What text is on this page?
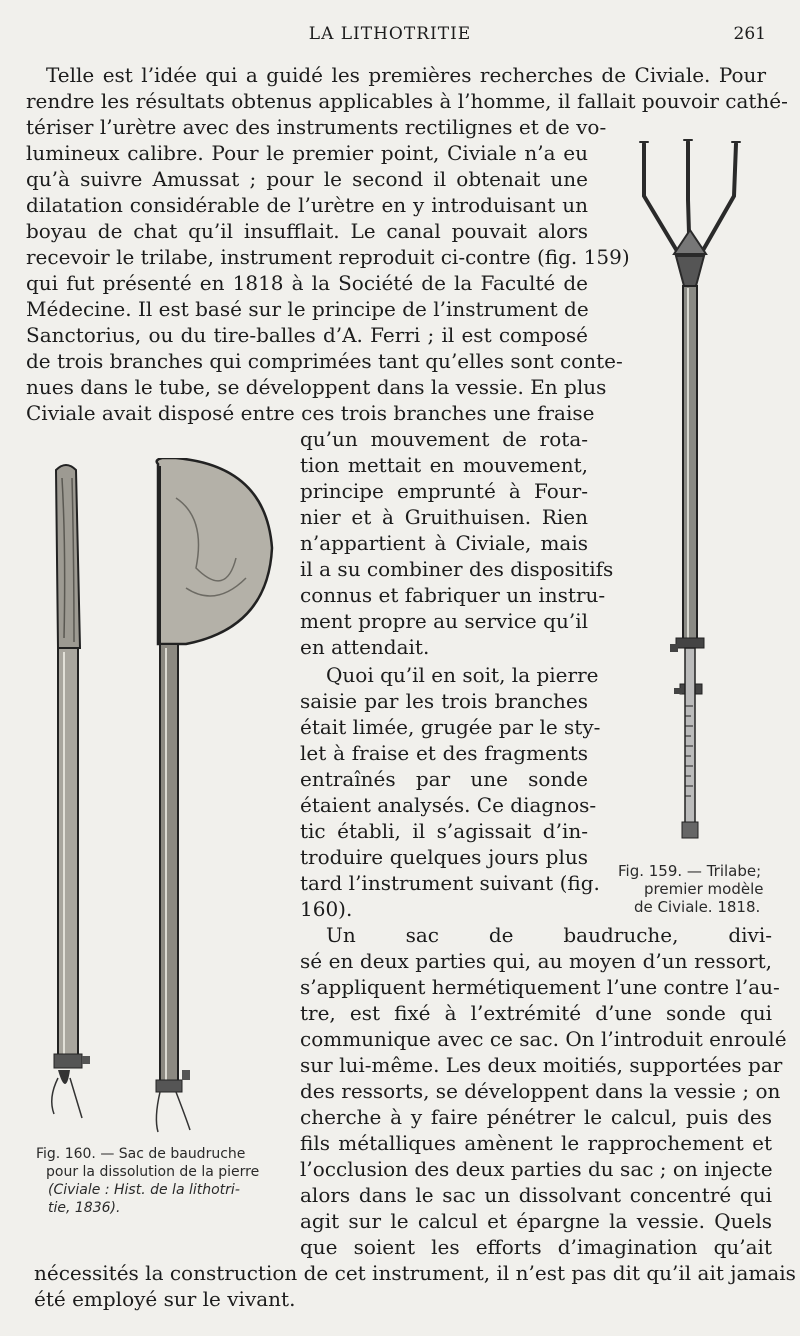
LA LITHOTRITIE	261
Telle est l’idée qui a guidé les premières recherches de Civiale. Pour
rendre les résultats obtenus applicables à l’homme, il fallait pouvoir cathé-
tériser l’urètre avec des instruments rectilignes et de vo-
lumineux calibre. Pour le premier point, Civiale n’a eu
qu’à suivre Amussat ; pour le second il obtenait une
dilatation considérable de l’urètre en y introduisant un
boyau de chat qu’il insufflait. Le canal pouvait alors
recevoir le trilabe, instrument reproduit ci-contre (fig. 159)
qui fut présenté en 1818 à la Société de la Faculté de
Médecine. Il est basé sur le principe de l’instrument de
Sanctorius, ou du tire-balles d’A. Ferri ; il est composé
de trois branches qui comprimées tant qu’elles sont conte-
nues dans le tube, se développent dans la vessie. En plus
Civiale avait disposé entre ces trois branches une fraise
qu’un mouvement de rota-
tion mettait en mouvement,
principe emprunté à Four-
nier et à Gruithuisen. Rien
n’appartient à Civiale, mais
il a su combiner des dispositifs
connus et fabriquer un instru-
ment propre au service qu’il
en attendait.
Quoi qu’il en soit, la pierre
saisie par les trois branches
était limée, grugée par le sty-
let à fraise et des fragments
entraînés par une sonde
étaient analysés. Ce diagnos-
tic établi, il s’agissait d’in-
troduire quelques jours plus
tard l’instrument suivant (fig.
160).
Un sac de baudruche, divi-
sé en deux parties qui, au moyen d’un ressort,
s’appliquent hermétiquement l’une contre l’au-
tre, est fixé à l’extrémité d’une sonde qui
communique avec ce sac. On l’introduit enroulé
sur lui-même. Les deux moitiés, supportées par
des ressorts, se développent dans la vessie ; on
cherche à y faire pénétrer le calcul, puis des
fils métalliques amènent le rapprochement et
l’occlusion des deux parties du sac ; on injecte
alors dans le sac un dissolvant concentré qui
agit sur le calcul et épargne la vessie. Quels
que soient les efforts d’imagination qu’ait
nécessités la construction de cet instrument, il n’est pas dit qu’il ait jamais
été employé sur le vivant.
Fig. 159. — Trilabe;
premier modèle
de Civiale. 1818.
Fig. 160. — Sac de baudruche
pour la dissolution de la pierre
(Civiale : Hist. de la lithotri-
tie, 1836).
